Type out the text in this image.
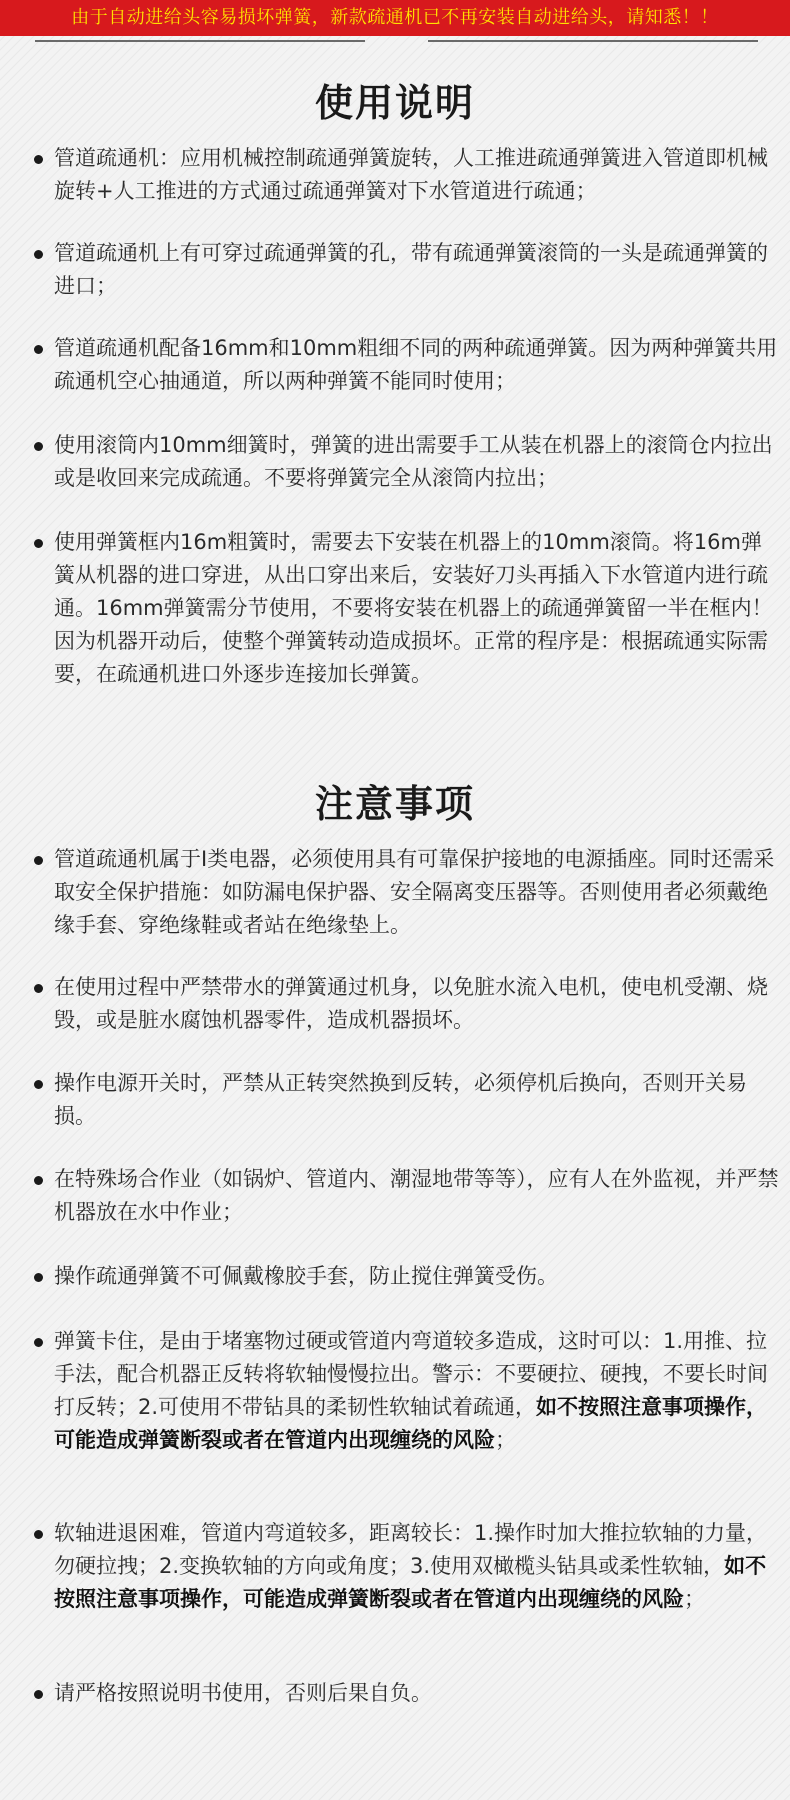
由于自动进给头容易损坏弹簧，新款疏通机已不再安装自动进给头，请知悉！！
使用说明
管道疏通机：应用机械控制疏通弹簧旋转，人工推进疏通弹簧进入管道即机械旋转+人工推进的方式通过疏通弹簧对下水管道进行疏通；
管道疏通机上有可穿过疏通弹簧的孔，带有疏通弹簧滚筒的一头是疏通弹簧的进口；
管道疏通机配备16mm和10mm粗细不同的两种疏通弹簧。因为两种弹簧共用疏通机空心抽通道，所以两种弹簧不能同时使用；
使用滚筒内10mm细簧时，弹簧的进出需要手工从装在机器上的滚筒仓内拉出或是收回来完成疏通。不要将弹簧完全从滚筒内拉出；
使用弹簧框内16m粗簧时，需要去下安装在机器上的10mm滚筒。将16m弹簧从机器的进口穿进，从出口穿出来后，安装好刀头再插入下水管道内进行疏通。16mm弹簧需分节使用，不要将安装在机器上的疏通弹簧留一半在框内！因为机器开动后，使整个弹簧转动造成损坏。正常的程序是：根据疏通实际需要，在疏通机进口外逐步连接加长弹簧。
注意事项
管道疏通机属于I类电器，必须使用具有可靠保护接地的电源插座。同时还需采取安全保护措施：如防漏电保护器、安全隔离变压器等。否则使用者必须戴绝缘手套、穿绝缘鞋或者站在绝缘垫上。
在使用过程中严禁带水的弹簧通过机身，以免脏水流入电机，使电机受潮、烧毁，或是脏水腐蚀机器零件，造成机器损坏。
操作电源开关时，严禁从正转突然换到反转，必须停机后换向，否则开关易损。
在特殊场合作业（如锅炉、管道内、潮湿地带等等），应有人在外监视，并严禁机器放在水中作业；
操作疏通弹簧不可佩戴橡胶手套，防止搅住弹簧受伤。
弹簧卡住，是由于堵塞物过硬或管道内弯道较多造成，这时可以：1.用推、拉手法，配合机器正反转将软轴慢慢拉出。警示：不要硬拉、硬拽，不要长时间打反转；2.可使用不带钻具的柔韧性软轴试着疏通，如不按照注意事项操作，可能造成弹簧断裂或者在管道内出现缠绕的风险；
软轴进退困难，管道内弯道较多，距离较长：1.操作时加大推拉软轴的力量，勿硬拉拽；2.变换软轴的方向或角度；3.使用双橄榄头钻具或柔性软轴，如不按照注意事项操作，可能造成弹簧断裂或者在管道内出现缠绕的风险；
请严格按照说明书使用，否则后果自负。
